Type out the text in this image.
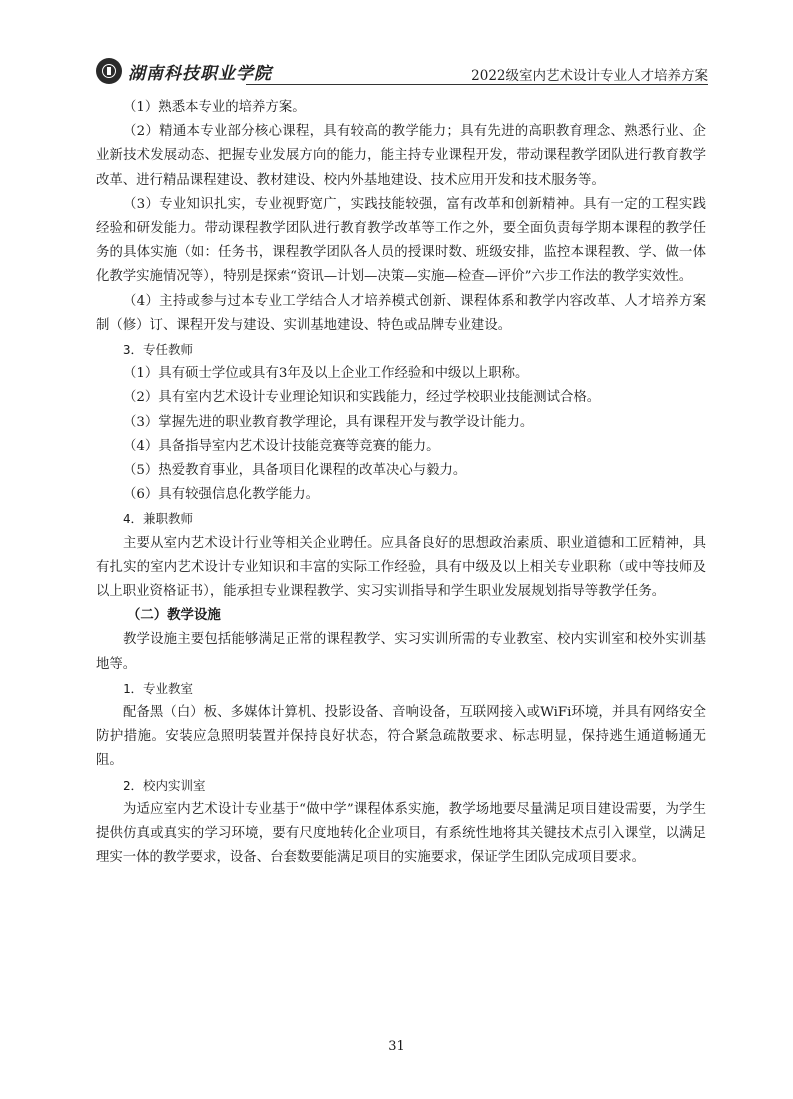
湖南科技职业学院	2022级室内艺术设计专业人才培养方案

（1）熟悉本专业的培养方案。

（2）精通本专业部分核心课程，具有较高的教学能力；具有先进的高职教育理念、熟悉行业、企业新技术发展动态、把握专业发展方向的能力，能主持专业课程开发，带动课程教学团队进行教育教学改革、进行精品课程建设、教材建设、校内外基地建设、技术应用开发和技术服务等。

（3）专业知识扎实，专业视野宽广，实践技能较强，富有改革和创新精神。具有一定的工程实践经验和研发能力。带动课程教学团队进行教育教学改革等工作之外，要全面负责每学期本课程的教学任务的具体实施（如：任务书，课程教学团队各人员的授课时数、班级安排，监控本课程教、学、做一体化教学实施情况等），特别是探索“资讯—计划—决策—实施—检查—评价”六步工作法的教学实效性。

（4）主持或参与过本专业工学结合人才培养模式创新、课程体系和教学内容改革、人才培养方案制（修）订、课程开发与建设、实训基地建设、特色或品牌专业建设。

3．专任教师

（1）具有硕士学位或具有3年及以上企业工作经验和中级以上职称。

（2）具有室内艺术设计专业理论知识和实践能力，经过学校职业技能测试合格。

（3）掌握先进的职业教育教学理论，具有课程开发与教学设计能力。

（4）具备指导室内艺术设计技能竞赛等竞赛的能力。

（5）热爱教育事业，具备项目化课程的改革决心与毅力。

（6）具有较强信息化教学能力。

4．兼职教师

主要从室内艺术设计行业等相关企业聘任。应具备良好的思想政治素质、职业道德和工匠精神，具有扎实的室内艺术设计专业知识和丰富的实际工作经验，具有中级及以上相关专业职称（或中等技师及以上职业资格证书），能承担专业课程教学、实习实训指导和学生职业发展规划指导等教学任务。

（二）教学设施

教学设施主要包括能够满足正常的课程教学、实习实训所需的专业教室、校内实训室和校外实训基地等。

1．专业教室

配备黑（白）板、多媒体计算机、投影设备、音响设备，互联网接入或WiFi环境，并具有网络安全防护措施。安装应急照明装置并保持良好状态，符合紧急疏散要求、标志明显，保持逃生通道畅通无阻。

2．校内实训室

为适应室内艺术设计专业基于“做中学”课程体系实施，教学场地要尽量满足项目建设需要，为学生提供仿真或真实的学习环境，要有尺度地转化企业项目，有系统性地将其关键技术点引入课堂，以满足理实一体的教学要求，设备、台套数要能满足项目的实施要求，保证学生团队完成项目要求。

31
